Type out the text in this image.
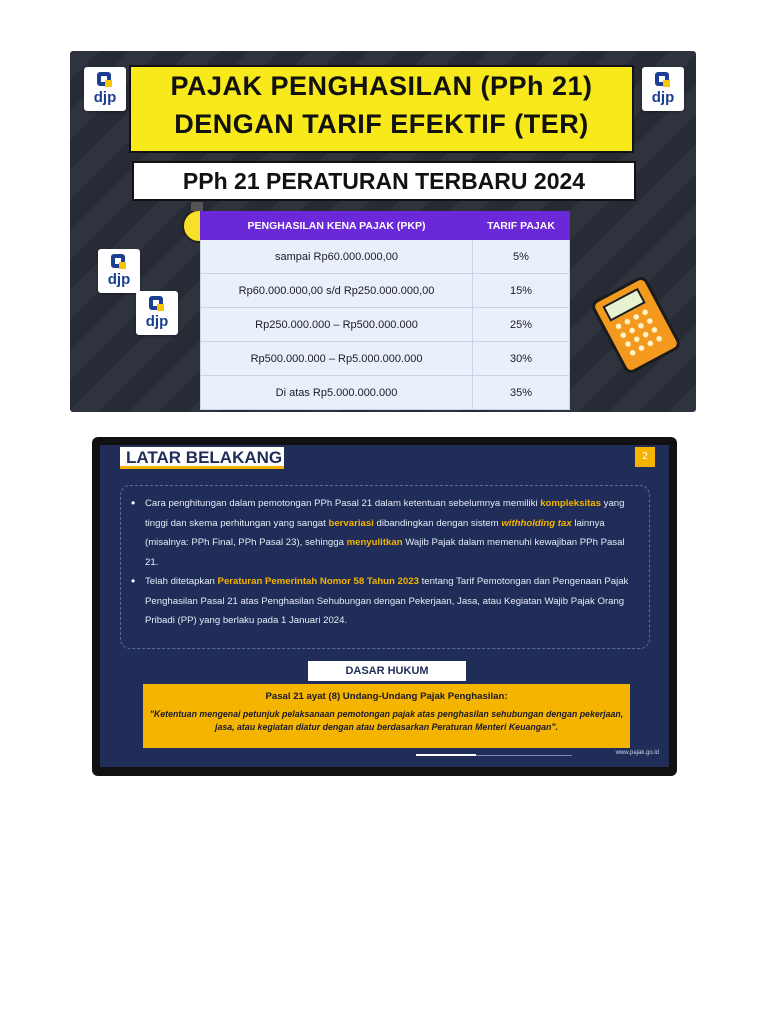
djp	djp
djp
djp
PAJAK PENGHASILAN (PPh 21)
DENGAN TARIF EFEKTIF (TER)
PPh 21 PERATURAN TERBARU 2024
PENGHASILAN KENA PAJAK (PKP)	TARIF PAJAK
sampai Rp60.000.000,00	5%
Rp60.000.000,00 s/d Rp250.000.000,00	15%
Rp250.000.000 – Rp500.000.000	25%
Rp500.000.000 – Rp5.000.000.000	30%
Di atas Rp5.000.000.000	35%
LATAR BELAKANG	2

• Cara penghitungan dalam pemotongan PPh Pasal 21 dalam ketentuan sebelumnya memiliki kompleksitas yang tinggi dan skema perhitungan yang sangat bervariasi dibandingkan dengan sistem withholding tax lainnya (misalnya: PPh Final, PPh Pasal 23), sehingga menyulitkan Wajib Pajak dalam memenuhi kewajiban PPh Pasal 21.

• Telah ditetapkan Peraturan Pemerintah Nomor 58 Tahun 2023 tentang Tarif Pemotongan dan Pengenaan Pajak Penghasilan Pasal 21 atas Penghasilan Sehubungan dengan Pekerjaan, Jasa, atau Kegiatan Wajib Pajak Orang Pribadi (PP) yang berlaku pada 1 Januari 2024.

DASAR HUKUM
Pasal 21 ayat (8) Undang-Undang Pajak Penghasilan:
"Ketentuan mengenai petunjuk pelaksanaan pemotongan pajak atas penghasilan sehubungan dengan pekerjaan, jasa, atau kegiatan diatur dengan atau berdasarkan Peraturan Menteri Keuangan".
www.pajak.go.id
